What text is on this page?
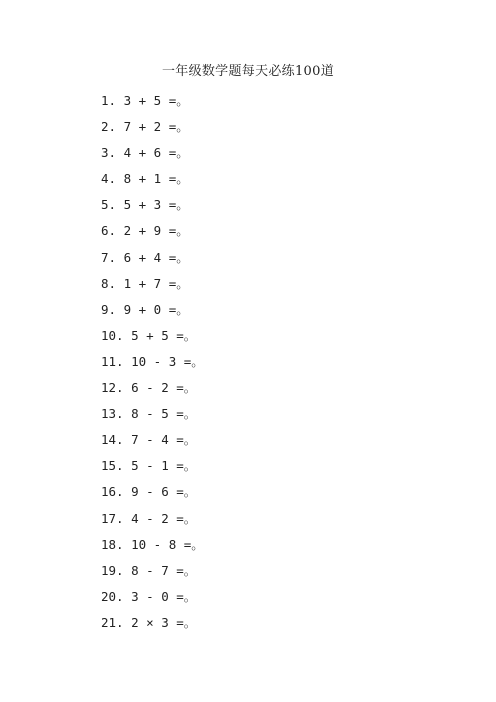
一年级数学题每天必练100道
1. 3 + 5 =。
2. 7 + 2 =。
3. 4 + 6 =。
4. 8 + 1 =。
5. 5 + 3 =。
6. 2 + 9 =。
7. 6 + 4 =。
8. 1 + 7 =。
9. 9 + 0 =。
10. 5 + 5 =。
11. 10 - 3 =。
12. 6 - 2 =。
13. 8 - 5 =。
14. 7 - 4 =。
15. 5 - 1 =。
16. 9 - 6 =。
17. 4 - 2 =。
18. 10 - 8 =。
19. 8 - 7 =。
20. 3 - 0 =。
21. 2 × 3 =。
